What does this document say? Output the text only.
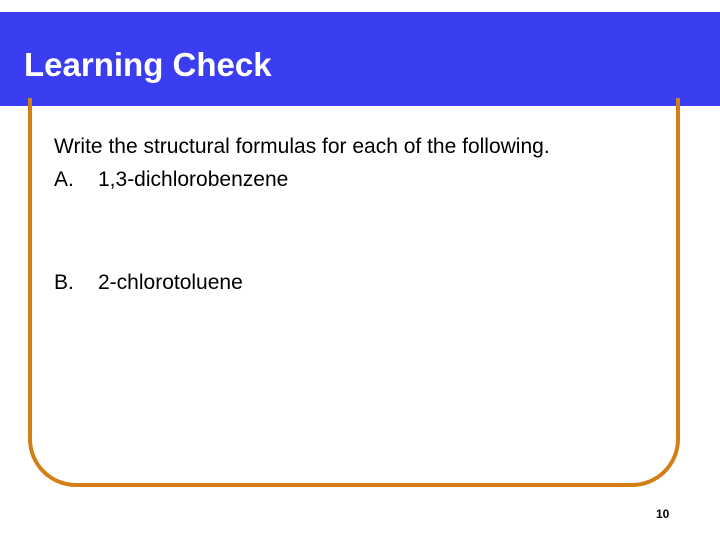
Learning Check

Write the structural formulas for each of the following.

A. 1,3-dichlorobenzene

B. 2-chlorotoluene

10
